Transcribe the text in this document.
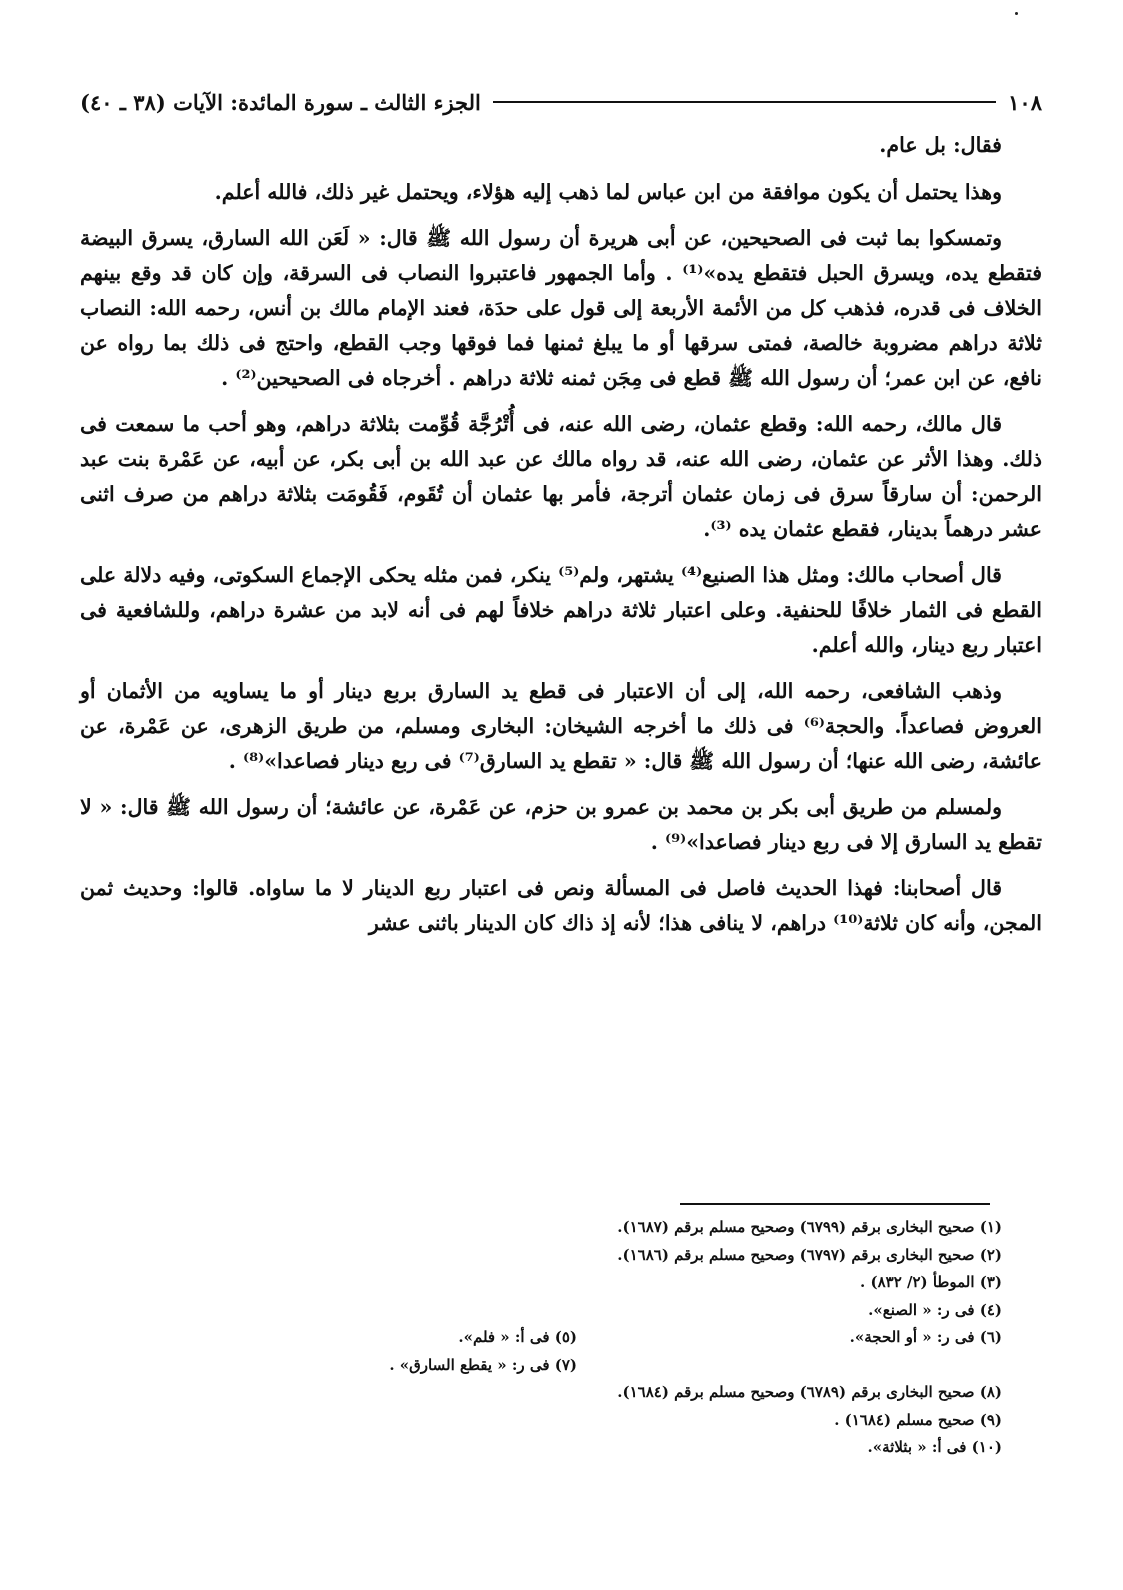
١٠٨
الجزء الثالث ـ سورة المائدة: الآيات (٣٨ ـ ٤٠)

فقال: بل عام.

وهذا يحتمل أن يكون موافقة من ابن عباس لما ذهب إليه هؤلاء، ويحتمل غير ذلك، فالله أعلم.

وتمسكوا بما ثبت فى الصحيحين، عن أبى هريرة أن رسول الله ﷺ قال: « لَعَن الله السارق، يسرق البيضة فتقطع يده، ويسرق الحبل فتقطع يده»⁽¹⁾ . وأما الجمهور فاعتبروا النصاب فى السرقة، وإن كان قد وقع بينهم الخلاف فى قدره، فذهب كل من الأئمة الأربعة إلى قول على حدَة، فعند الإمام مالك بن أنس، رحمه الله: النصاب ثلاثة دراهم مضروبة خالصة، فمتى سرقها أو ما يبلغ ثمنها فما فوقها وجب القطع، واحتج فى ذلك بما رواه عن نافع، عن ابن عمر؛ أن رسول الله ﷺ قطع فى مِجَن ثمنه ثلاثة دراهم . أخرجاه فى الصحيحين⁽²⁾ .

قال مالك، رحمه الله: وقطع عثمان، رضى الله عنه، فى أُتْرُجَّة قُوِّمت بثلاثة دراهم، وهو أحب ما سمعت فى ذلك. وهذا الأثر عن عثمان، رضى الله عنه، قد رواه مالك عن عبد الله بن أبى بكر، عن أبيه، عن عَمْرة بنت عبد الرحمن: أن سارقاً سرق فى زمان عثمان أترجة، فأمر بها عثمان أن تُقَوم، فَقُومَت بثلاثة دراهم من صرف اثنى عشر درهماً بدينار، فقطع عثمان يده ⁽³⁾.

قال أصحاب مالك: ومثل هذا الصنيع⁽⁴⁾ يشتهر، ولم⁽⁵⁾ ينكر، فمن مثله يحكى الإجماع السكوتى، وفيه دلالة على القطع فى الثمار خلافًا للحنفية. وعلى اعتبار ثلاثة دراهم خلافاً لهم فى أنه لابد من عشرة دراهم، وللشافعية فى اعتبار ربع دينار، والله أعلم.

وذهب الشافعى، رحمه الله، إلى أن الاعتبار فى قطع يد السارق بربع دينار أو ما يساويه من الأثمان أو العروض فصاعداً. والحجة⁽⁶⁾ فى ذلك ما أخرجه الشيخان: البخارى ومسلم، من طريق الزهرى، عن عَمْرة، عن عائشة، رضى الله عنها؛ أن رسول الله ﷺ قال: « تقطع يد السارق⁽⁷⁾ فى ربع دينار فصاعدا»⁽⁸⁾ .

ولمسلم من طريق أبى بكر بن محمد بن عمرو بن حزم، عن عَمْرة، عن عائشة؛ أن رسول الله ﷺ قال: « لا تقطع يد السارق إلا فى ربع دينار فصاعدا»⁽⁹⁾ .

قال أصحابنا: فهذا الحديث فاصل فى المسألة ونص فى اعتبار ربع الدينار لا ما ساواه. قالوا: وحديث ثمن المجن، وأنه كان ثلاثة⁽¹⁰⁾ دراهم، لا ينافى هذا؛ لأنه إذ ذاك كان الدينار باثنى عشر

(١) صحيح البخارى برقم (٦٧٩٩) وصحيح مسلم برقم (١٦٨٧).
(٢) صحيح البخارى برقم (٦٧٩٧) وصحيح مسلم برقم (١٦٨٦).
(٣) الموطأ (٢/ ٨٣٢) .
(٤) فى ر: « الصنع».
(٦) فى ر: « أو الحجة».
(٥) فى أ: « فلم».
(٧) فى ر: « يقطع السارق» .
(٨) صحيح البخارى برقم (٦٧٨٩) وصحيح مسلم برقم (١٦٨٤).
(٩) صحيح مسلم (١٦٨٤) .
(١٠) فى أ: « بثلاثة».
